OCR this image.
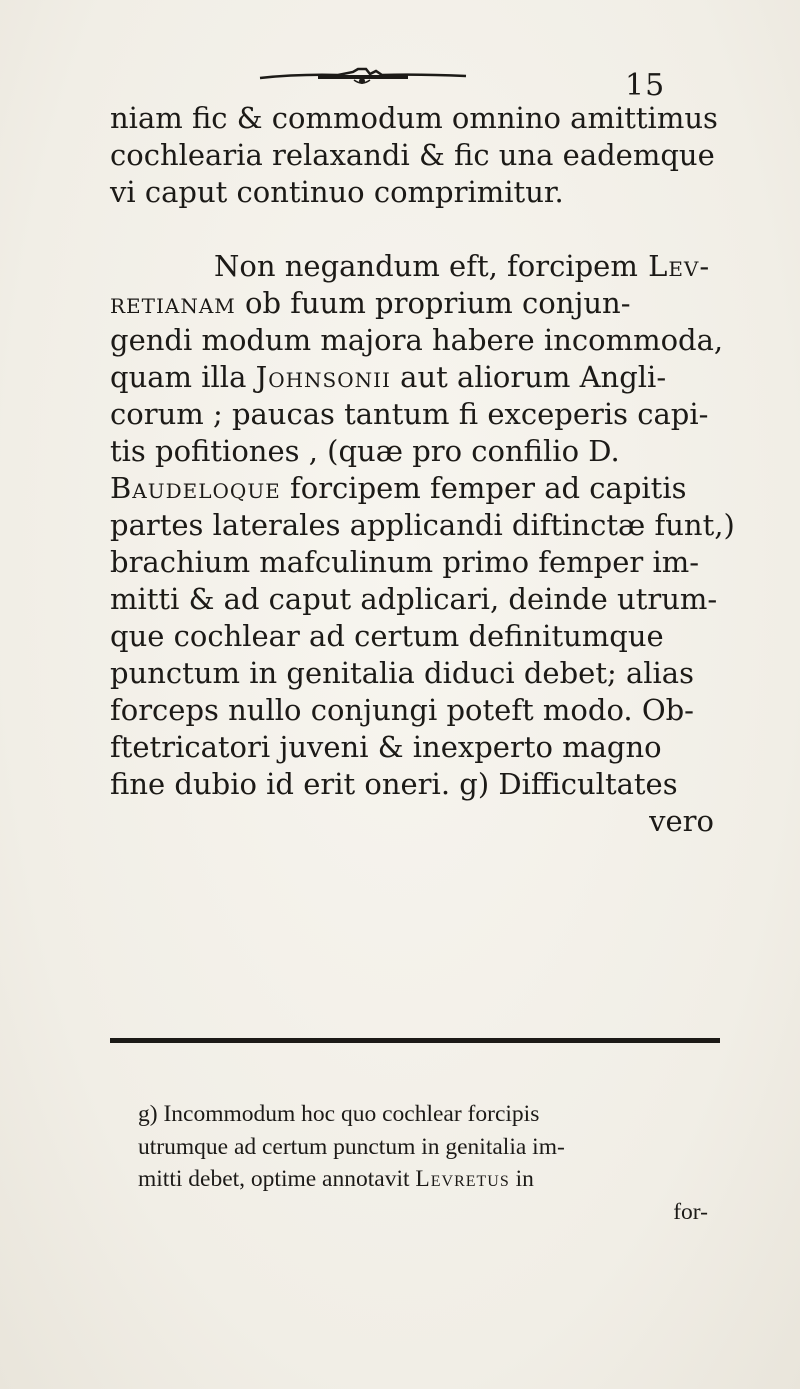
15
niam fic & commodum omnino amittimus
cochlearia relaxandi & fic una eademque
vi caput continuo comprimitur.
Non negandum eft, forcipem Lev-
retianam ob fuum proprium conjun-
gendi modum majora habere incommoda,
quam illa Johnsonii aut aliorum Angli-
corum ; paucas tantum fi exceperis capi-
tis pofitiones , (quæ pro confilio D.
Baudeloque forcipem femper ad capitis
partes laterales applicandi diftinctæ funt,)
brachium mafculinum primo femper im-
mitti & ad caput adplicari, deinde utrum-
que cochlear ad certum definitumque
punctum in genitalia diduci debet; alias
forceps nullo conjungi poteft modo. Ob-
ftetricatori juveni & inexperto magno
fine dubio id erit oneri. g) Difficultates
vero
g) Incommodum hoc quo cochlear forcipis
utrumque ad certum punctum in genitalia im-
mitti debet, optime annotavit Levretus in
for-
